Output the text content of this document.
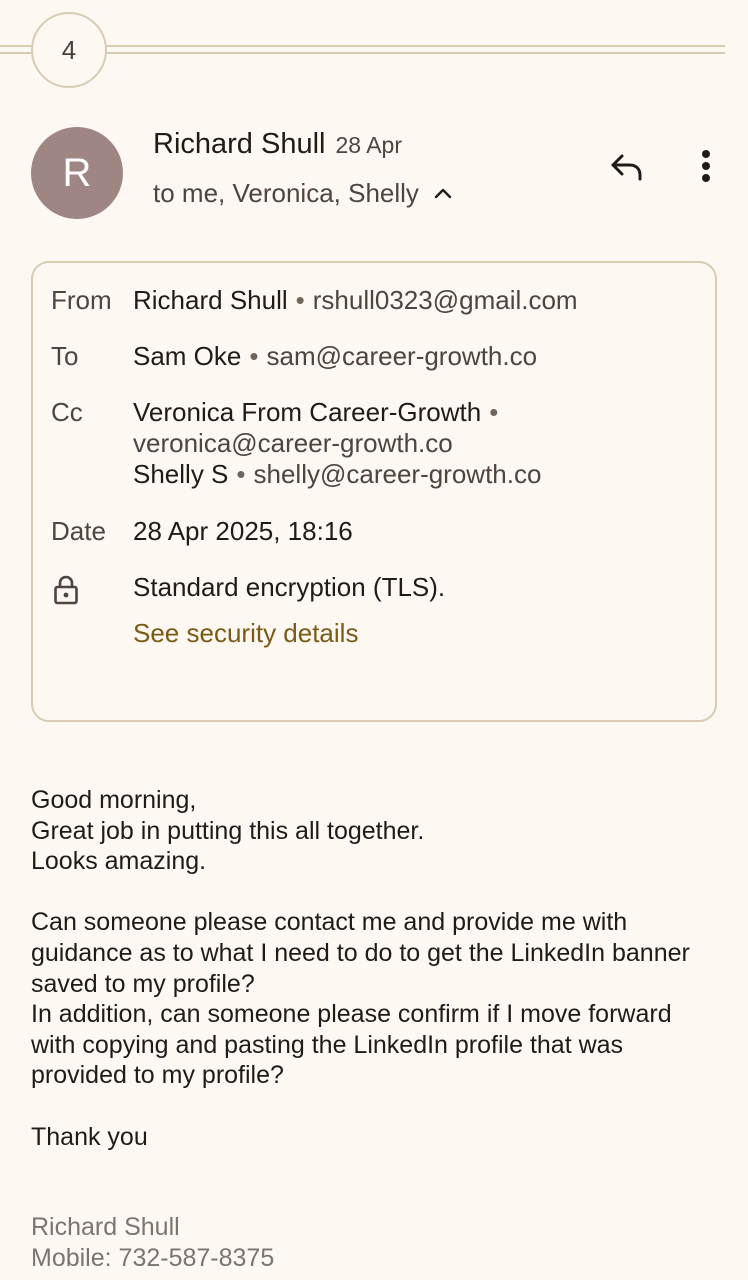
4
R
Richard Shull 28 Apr
to me, Veronica, Shelly
From Richard Shull • rshull0323@gmail.com
To	Sam Oke • sam@career-growth.co
Cc	Veronica From Career-Growth •
veronica@career-growth.co
Shelly S • shelly@career-growth.co
Date	28 Apr 2025, 18:16
Standard encryption (TLS).
See security details

Good morning,

Great job in putting this all together.

Looks amazing.

Can someone please contact me and provide me with

guidance as to what I need to do to get the LinkedIn banner

saved to my profile?

In addition, can someone please confirm if I move forward

with copying and pasting the LinkedIn profile that was

provided to my profile?

Thank you

Richard Shull
Mobile: 732-587-8375
